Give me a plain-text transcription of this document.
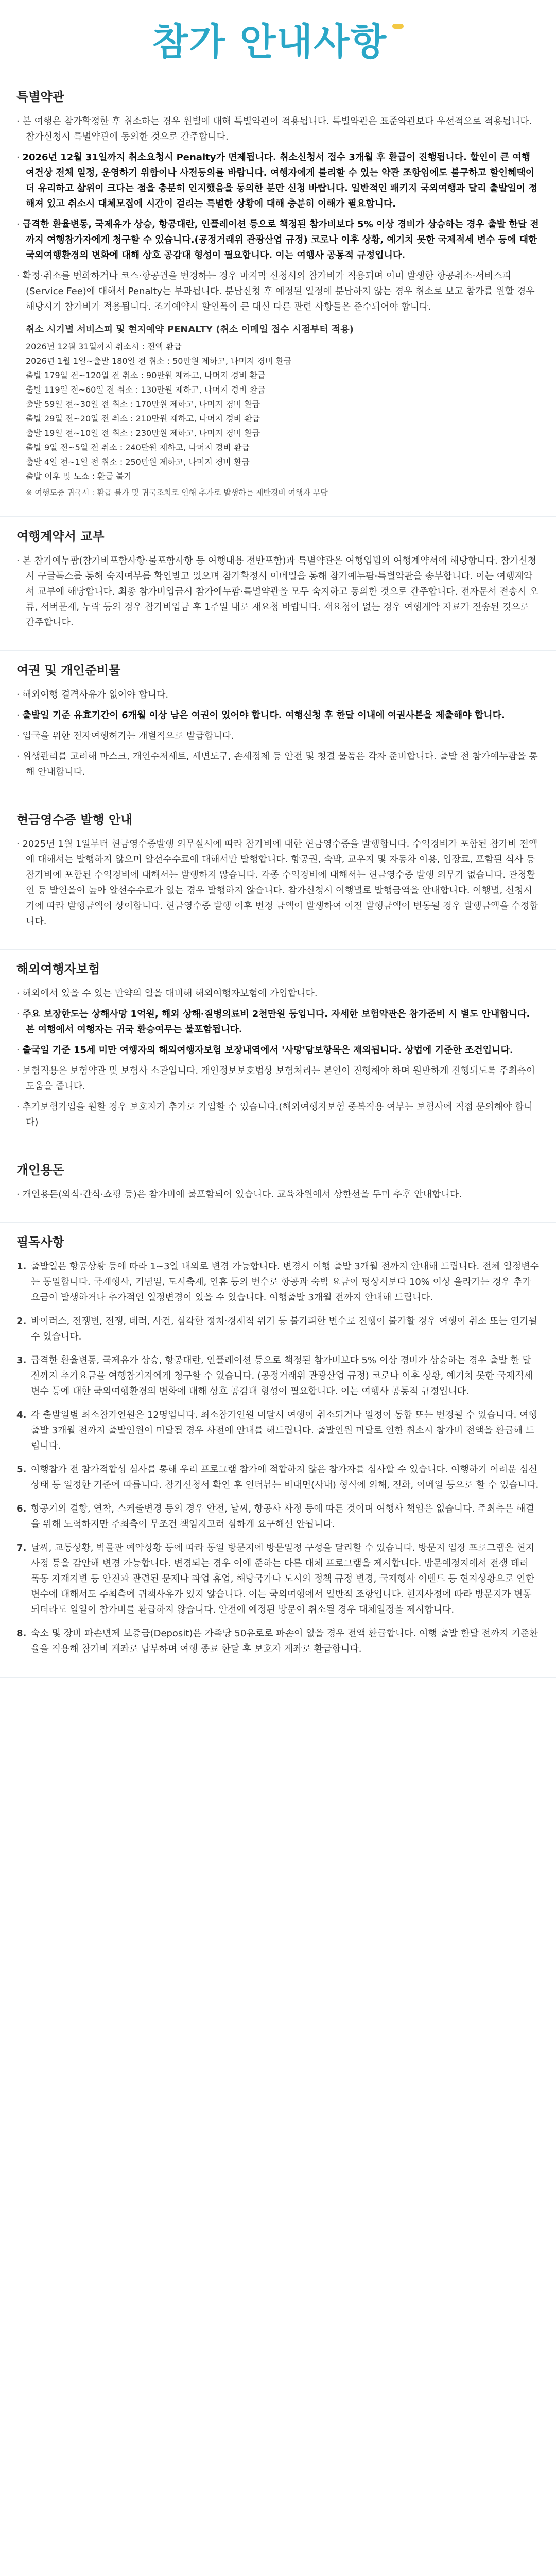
참가 안내사항
특별약관
· 본 여행은 참가확정한 후 취소하는 경우 원별에 대해 특별약관이 적용됩니다. 특별약관은 표준약관보다 우선적으로 적용됩니다. 참가신청시 특별약관에 동의한 것으로 간주합니다.
· 2026년 12월 31일까지 취소요청시 Penalty가 면제됩니다. 취소신청서 접수 3개월 후 환급이 진행됩니다. 할인이 큰 여행 여건상 전체 일정, 운영하기 위함이나 사전동의를 바랍니다. 여행자에게 불리할 수 있는 약관 조항임에도 불구하고 할인혜택이 더 유리하고 삶위이 크다는 점을 충분히 인지했음을 동의한 분만 신청 바랍니다. 일반적인 패키지 국외여행과 달리 출발일이 정해져 있고 취소시 대체모집에 시간이 걸리는 특별한 상황에 대해 충분히 이해가 필요합니다.
· 급격한 환율변동, 국제유가 상승, 항공대란, 인플레이션 등으로 책정된 참가비보다 5% 이상 경비가 상승하는 경우 출발 한달 전까지 여행참가자에게 청구할 수 있습니다.(공정거래위 관광산업 규정) 코로나 이후 상황, 예기치 못한 국제적세 변수 등에 대한 국외여행환경의 변화에 대해 상호 공감대 형성이 필요합니다. 이는 여행사 공통적 규정입니다.
· 확정·취소를 변화하거나 코스·항공권을 변경하는 경우 마지막 신청시의 참가비가 적용되며 이미 발생한 항공취소·서비스피(Service Fee)에 대해서 Penalty는 부과됩니다. 분납신청 후 예정된 일정에 분납하지 않는 경우 취소로 보고 참가를 원할 경우 해당시기 참가비가 적용됩니다. 조기예약시 할인폭이 큰 대신 다른 관련 사항들은 준수되어야 합니다.
취소 시기별 서비스피 및 현지예약 PENALTY (취소 이메일 접수 시점부터 적용)
2026년 12월 31일까지 취소시 : 전액 환급
2026년 1월 1일~출발 180일 전 취소 : 50만원 제하고, 나머지 경비 환급
출발 179일 전~120일 전 취소 : 90만원 제하고, 나머지 경비 환급
출발 119일 전~60일 전 취소 : 130만원 제하고, 나머지 경비 환급
출발 59일 전~30일 전 취소 : 170만원 제하고, 나머지 경비 환급
출발 29일 전~20일 전 취소 : 210만원 제하고, 나머지 경비 환급
출발 19일 전~10일 전 취소 : 230만원 제하고, 나머지 경비 환급
출발 9일 전~5일 전 취소 : 240만원 제하고, 나머지 경비 환급
출발 4일 전~1일 전 취소 : 250만원 제하고, 나머지 경비 환급
출발 이후 및 노쇼 : 환급 불가
※ 여행도중 귀국시 : 환급 불가 및 귀국조치로 인해 추가로 발생하는 제반경비 여행자 부담
여행계약서 교부
· 본 참가예누팜(참가비포함사항·불포함사항 등 여행내용 전반포함)과 특별약관은 여행업법의 여행계약서에 해당합니다. 참가신청시 구글독스를 통해 숙지여부를 확인받고 있으며 참가확정시 이메일을 통해 참가예누팜·특별약관을 송부합니다. 이는 여행계약서 교부에 해당합니다. 최종 참가비입금시 참가에누팜·특별약관을 모두 숙지하고 동의한 것으로 간주합니다. 전자문서 전송시 오류, 서버문제, 누락 등의 경우 참가비입금 후 1주일 내로 재요청 바랍니다. 재요청이 없는 경우 여행계약 자료가 전송된 것으로 간주합니다.
여권 및 개인준비물
· 해외여행 결격사유가 없어야 합니다.
· 출발일 기준 유효기간이 6개월 이상 남은 여권이 있어야 합니다. 여행신청 후 한달 이내에 여권사본을 제출해야 합니다.
· 입국을 위한 전자여행허가는 개별적으로 발급합니다.
· 위생관리를 고려해 마스크, 개인수저세트, 세면도구, 손세정제 등 안전 및 청결 물품은 각자 준비합니다. 출발 전 참가예누팜을 통해 안내합니다.
현금영수증 발행 안내
· 2025년 1월 1일부터 현금영수증발행 의무실시에 따라 참가비에 대한 현금영수증을 발행합니다. 수익경비가 포함된 참가비 전액에 대해서는 발행하지 않으며 알선수수료에 대해서만 발행합니다. 항공권, 숙박, 교우지 및 자동차 이용, 입장료, 포함된 식사 등 참가비에 포함된 수익경비에 대해서는 발행하지 않습니다. 각종 수익경비에 대해서는 현금영수증 발행 의무가 없습니다. 관청활인 등 발인을이 높아 알선수수료가 없는 경우 발행하지 않습니다. 참가신청시 여행별로 발행금액을 안내합니다. 여행별, 신청시기에 따라 발행금액이 상이합니다. 현금영수증 발행 이후 변경 금액이 발생하여 이전 발행금액이 변동될 경우 발행금액을 수정합니다.
해외여행자보험
· 해외에서 있을 수 있는 만약의 일을 대비해 해외여행자보험에 가입합니다.
· 주요 보장한도는 상해사망 1억원, 해외 상해·질병의료비 2천만원 등입니다. 자세한 보험약관은 참가준비 시 별도 안내합니다. 본 여행에서 여행자는 귀국 환승여무는 불포함됩니다.
· 출국일 기준 15세 미만 여행자의 해외여행자보험 보장내역에서 '사망'담보항목은 제외됩니다. 상법에 기준한 조건입니다.
· 보험적용은 보험약관 및 보험사 소관입니다. 개인정보보호법상 보험처리는 본인이 진행해야 하며 원만하게 진행되도록 주최측이 도움을 줍니다.
· 추가보험가입을 원할 경우 보호자가 추가로 가입할 수 있습니다.(해외여행자보험 중복적용 여부는 보험사에 직접 문의해야 합니다)
개인용돈
· 개인용돈(외식·간식·쇼핑 등)은 참가비에 불포함되어 있습니다. 교육차원에서 상한선을 두며 추후 안내합니다.
필독사항
1. 출발일은 항공상황 등에 따라 1~3일 내외로 변경 가능합니다. 변경시 여행 출발 3개월 전까지 안내해 드립니다. 전체 일정변수는 동일합니다. 국제행사, 기념일, 도시축제, 연휴 등의 변수로 항공과 숙박 요금이 평상시보다 10% 이상 올라가는 경우 추가요금이 발생하거나 추가적인 일정변경이 있을 수 있습니다. 여행출발 3개월 전까지 안내해 드립니다.
2. 바이러스, 전쟁변, 전쟁, 테러, 사건, 심각한 정치·경제적 위기 등 불가피한 변수로 진행이 불가할 경우 여행이 취소 또는 연기될 수 있습니다.
3. 급격한 환율변동, 국제유가 상승, 항공대란, 인플레이션 등으로 책정된 참가비보다 5% 이상 경비가 상승하는 경우 출발 한 달 전까지 추가요금을 여행참가자에게 청구할 수 있습니다. (공정거래위 관광산업 규정) 코로나 이후 상황, 예기치 못한 국제적세 변수 등에 대한 국외여행환경의 변화에 대해 상호 공감대 형성이 필요합니다. 이는 여행사 공통적 규정입니다.
4. 각 출발일별 최소참가인원은 12명입니다. 최소참가인원 미달시 여행이 취소되거나 일정이 통합 또는 변경될 수 있습니다. 여행출발 3개월 전까지 출발인원이 미달될 경우 사전에 안내를 해드립니다. 출발인원 미달로 인한 취소시 참가비 전액을 환급해 드립니다.
5. 여행참가 전 참가적합성 심사를 통해 우리 프로그램 참가에 적합하지 않은 참가자를 심사할 수 있습니다. 여행하기 어려운 심신상태 등 일정한 기준에 따릅니다. 참가신청서 확인 후 인터뷰는 비대면(사내) 형식에 의해, 전화, 이메일 등으로 할 수 있습니다.
6. 항공기의 결항, 연착, 스케줄변경 등의 경우 안전, 날씨, 항공사 사정 등에 따른 것이며 여행사 책임은 없습니다. 주최측은 해결을 위해 노력하지만 주최측이 무조건 책임지고러 심하게 요구해선 안됩니다.
7. 날씨, 교통상황, 박물관 예약상황 등에 따라 동일 방문지에 방문일정 구성을 달리할 수 있습니다. 방문지 입장 프로그램은 현지 사정 등을 감안해 변경 가능합니다. 변경되는 경우 이에 준하는 다른 대체 프로그램을 제시합니다. 방문예정지에서 전쟁 데러 폭동 자재지변 등 안전과 관련된 문제나 파업 휴업, 해당국가나 도시의 정책 규정 변경, 국제행사 이벤트 등 현지상황으로 인한 변수에 대해서도 주최측에 귀책사유가 있지 않습니다. 이는 국외여행에서 일반적 조항입니다. 현지사정에 따라 방문지가 변동되더라도 일일이 참가비를 환급하지 않습니다. 안전에 예정된 방문이 취소될 경우 대체일정을 제시합니다.
8. 숙소 및 장비 파손면제 보증금(Deposit)은 가족당 50유로로 파손이 없을 경우 전액 환급합니다. 여행 출발 한달 전까지 기준환율을 적용해 참가비 계좌로 납부하며 여행 종료 한달 후 보호자 계좌로 환급합니다.
